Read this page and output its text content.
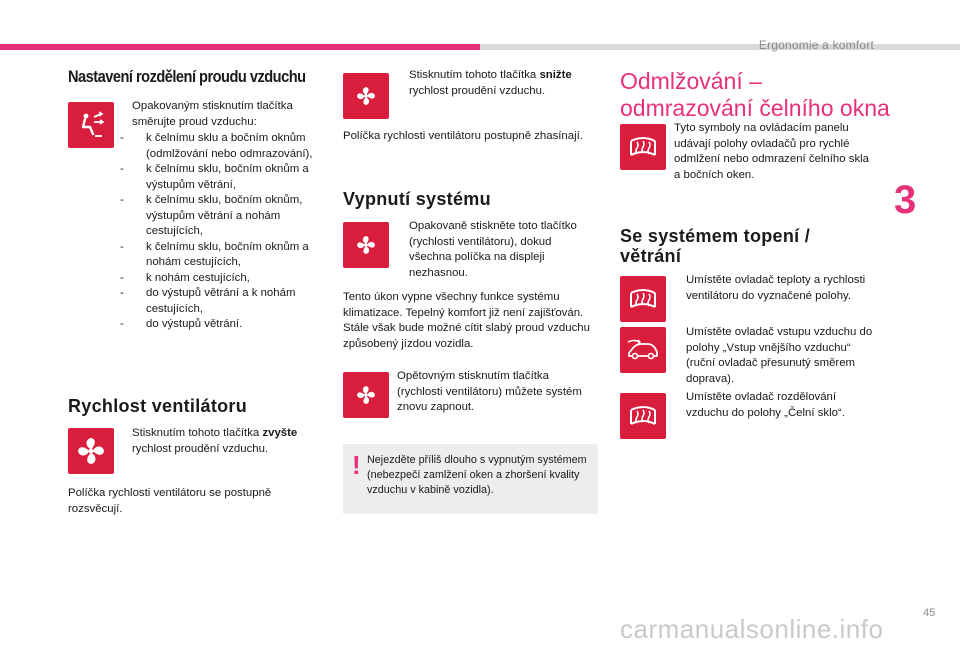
Ergonomie a komfort
3
45
Nastavení rozdělení proudu vzduchu
Opakovaným stisknutím tlačítka směrujte proud vzduchu:
- k čelnímu sklu a bočním oknům (odmlžování nebo odmrazování),
- k čelnímu sklu, bočním oknům a výstupům větrání,
- k čelnímu sklu, bočním oknům, výstupům větrání a nohám cestujících,
- k čelnímu sklu, bočním oknům a nohám cestujících,
- k nohám cestujících,
- do výstupů větrání a k nohám cestujících,
- do výstupů větrání.
Rychlost ventilátoru
Stisknutím tohoto tlačítka zvyšte rychlost proudění vzduchu.
Políčka rychlosti ventilátoru se postupně rozsvěcují.
Stisknutím tohoto tlačítka snižte rychlost proudění vzduchu.
Políčka rychlosti ventilátoru postupně zhasínají.
Vypnutí systému
Opakovaně stiskněte toto tlačítko (rychlosti ventilátoru), dokud všechna políčka na displeji nezhasnou.
Tento úkon vypne všechny funkce systému klimatizace. Tepelný komfort již není zajišťován. Stále však bude možné cítit slabý proud vzduchu způsobený jízdou vozidla.
Opětovným stisknutím tlačítka (rychlosti ventilátoru) můžete systém znovu zapnout.
! Nejezděte příliš dlouho s vypnutým systémem (nebezpečí zamlžení oken a zhoršení kvality vzduchu v kabině vozidla).
Odmlžování – odmrazování čelního okna
Tyto symboly na ovládacím panelu udávají polohy ovladačů pro rychlé odmlžení nebo odmrazení čelního skla a bočních oken.
Se systémem topení / větrání
Umístěte ovladač teploty a rychlosti ventilátoru do vyznačené polohy.
Umístěte ovladač vstupu vzduchu do polohy „Vstup vnějšího vzduchu“ (ruční ovladač přesunutý směrem doprava).
Umístěte ovladač rozdělování vzduchu do polohy „Čelní sklo“.
carmanualsonline.info
